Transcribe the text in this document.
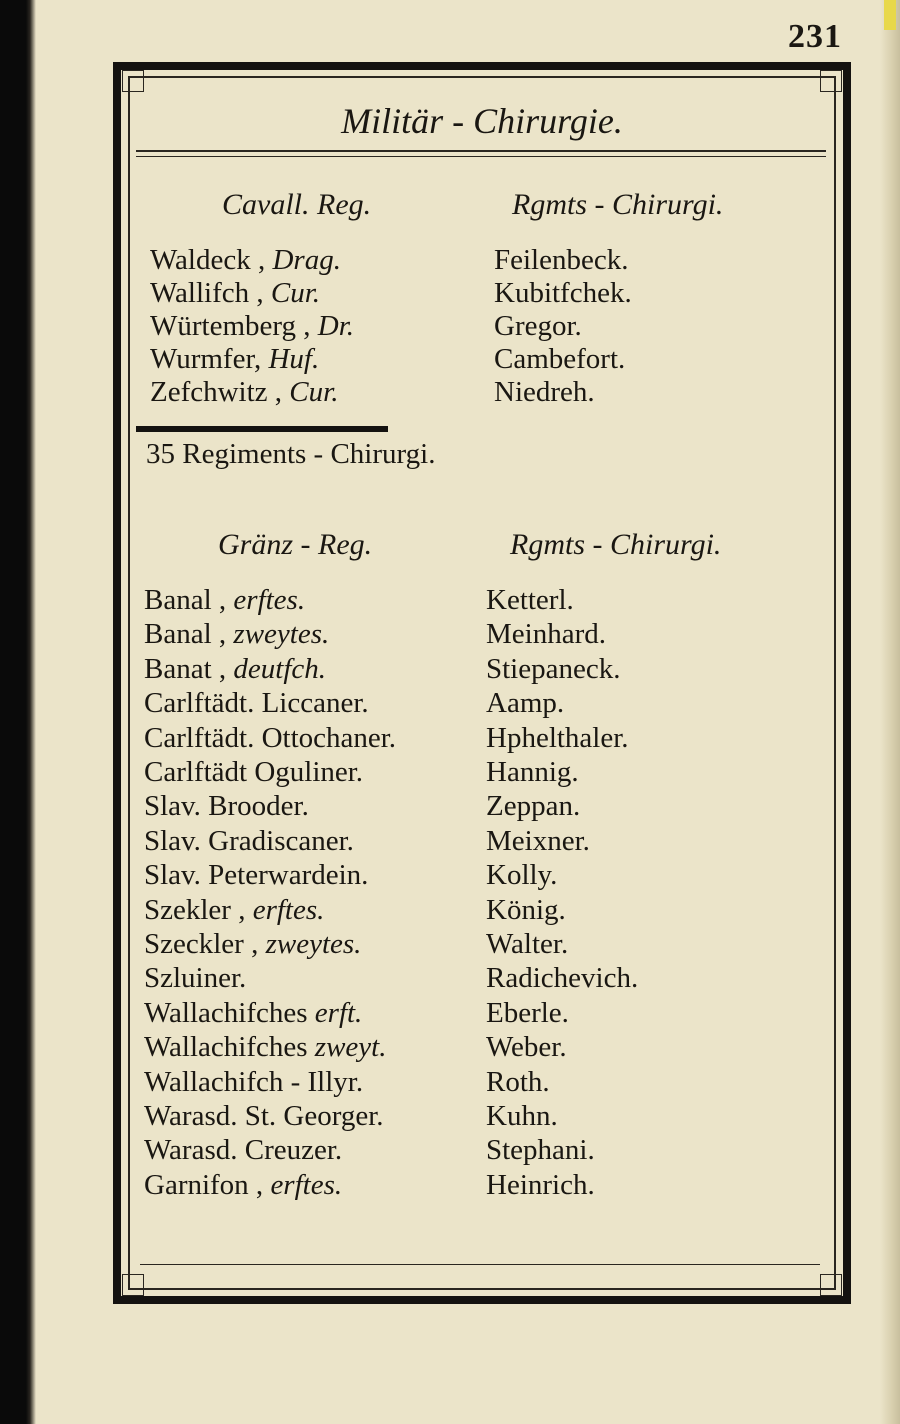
231
Militär - Chirurgie.
Cavall. Reg.	Rgmts - Chirurgi.
Waldeck , Drag.	Feilenbeck.
Wallifch , Cur.	Kubitfchek.
Würtemberg , Dr.	Gregor.
Wurmfer, Huf.	Cambefort.
Zefchwitz , Cur.	Niedreh.
35 Regiments - Chirurgi.
Gränz - Reg.	Rgmts - Chirurgi.
Banal , erftes.	Ketterl.
Banal , zweytes.	Meinhard.
Banat , deutfch.	Stiepaneck.
Carlftädt. Liccaner.	Aamp.
Carlftädt. Ottochaner.	Hphelthaler.
Carlftädt Oguliner.	Hannig.
Slav. Brooder.	Zeppan.
Slav. Gradiscaner.	Meixner.
Slav. Peterwardein.	Kolly.
Szekler , erftes.	König.
Szeckler , zweytes.	Walter.
Szluiner.	Radichevich.
Wallachifches erft.	Eberle.
Wallachifches zweyt.	Weber.
Wallachifch - Illyr.	Roth.
Warasd. St. Georger.	Kuhn.
Warasd. Creuzer.	Stephani.
Garnifon , erftes.	Heinrich.
